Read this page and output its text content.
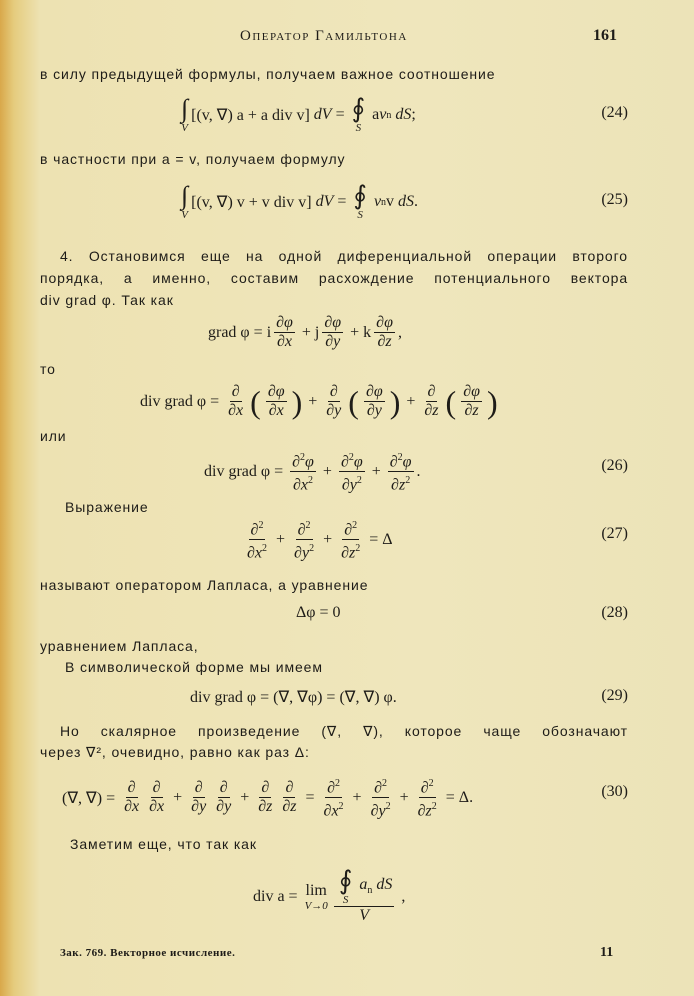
Оператор Гамильтона	161
в силу предыдущей формулы, получаем важное соотношение
∫
V
[(v, ∇) a + a div v] dV = ∮
S
a v n
dS ;	(24)
в частности при a = v, получаем формулу
∫
V
[(v, ∇) v + v div v] dV = ∮
S

v n v dS .	(25)
4. Остановимся еще на одной диференциальной операции второго
порядка, а именно, составим расхождение потенциального вектора
div grad φ. Так как
grad φ = i $\frac{\partial\varphi}{\partial x} + j \frac{\partial\varphi}{\partial y} + k \frac{\partial\varphi}{\partial z}$ ,
то
div grad $\varphi = \frac{\partial}{\partial x}$ ( $\frac{\partial\varphi}{\partial x}$ ) + $\frac{\partial}{\partial y}$ ( $\frac{\partial\varphi}{\partial y}$ ) + $\frac{\partial}{\partial z}$ ( $\frac{\partial\varphi}{\partial z}$ )
или
div grad $\varphi = \frac{\partial^2\varphi}{\partial x^2} + \frac{\partial^2\varphi}{\partial y^2} + \frac{\partial^2\varphi}{\partial z^2}$ .	(26)
Выражение
$\frac{\partial^2}{\partial x^2} + \frac{\partial^2}{\partial y^2} + \frac{\partial^2}{\partial z^2} = \Delta$	(27)
называют оператором Лапласа, а уравнение
Δφ = 0	(28)
уравнением Лапласа,
В символической форме мы имеем
div grad φ = (∇, ∇φ) = (∇, ∇) φ.	(29)
Но скалярное произведение (∇, ∇), которое чаще обозначают
через ∇², очевидно, равно как раз Δ:
(∇, ∇) = $\frac{\partial}{\partial x} \frac{\partial}{\partial x} + \frac{\partial}{\partial y} \frac{\partial}{\partial y} + \frac{\partial}{\partial z} \frac{\partial}{\partial z} = \frac{\partial^2}{\partial x^2} + \frac{\partial^2}{\partial y^2} + \frac{\partial^2}{\partial z^2} = \Delta$.	(30)
Заметим еще, что так как
div a = lim
V→0 ∮
S
$a_n$ dS
V ,
Зак. 769. Векторное исчисление.	11
